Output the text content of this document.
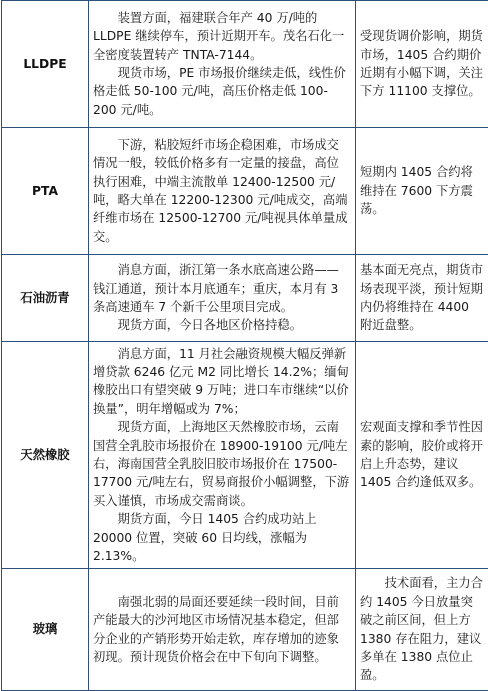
LLDPE	装置方面，福建联合年产 40 万/吨的 LLDPE 继续停车，预计近期开车。茂名石化一全密度装置转产 TNTA-7144。

现货市场，PE 市场报价继续走低，线性价格走低 50-100 元/吨，高压价格走低 100-200 元/吨。	受现货调价影响，期货市场，1405 合约期价近期有小幅下调，关注下方 11100 支撑位。
PTA	下游，粘胶短纤市场企稳困难，市场成交情况一般，较低价格多有一定量的接盘，高位执行困难，中端主流散单 12400-12500 元/吨，略大单在 12200-12300 元/吨成交，高端纤维市场在 12500-12700 元/吨视具体单量成交。	短期内 1405 合约将维持在 7600 下方震荡。
石油沥青	消息方面，浙江第一条水底高速公路——钱江通道，预计本月底通车；重庆，本月有 3 条高速通车 7 个新千公里项目完成。

现货方面，今日各地区价格持稳。	基本面无亮点，期货市场表现平淡，预计短期内仍将维持在 4400 附近盘整。
天然橡胶	消息方面，11 月社会融资规模大幅反弹新增贷款 6246 亿元 M2 同比增长 14.2%；缅甸橡胶出口有望突破 9 万吨；进口车市继续“以价换量”，明年增幅或为 7%；

现货方面，上海地区天然橡胶市场，云南国营全乳胶市场报价在 18900-19100 元/吨左右，海南国营全乳胶旧胶市场报价在 17500-17700 元/吨左右，贸易商报价小幅调整，下游买入谨慎，市场成交需商谈。

期货方面，今日 1405 合约成功站上 20000 位置，突破 60 日均线，涨幅为 2.13%。	宏观面支撑和季节性因素的影响，胶价或将开启上升态势，建议 1405 合约逢低双多。
玻璃	南强北弱的局面还要延续一段时间，目前产能最大的沙河地区市场情况基本稳定，但部分企业的产销形势开始走软，库存增加的迹象初现。预计现货价格会在中下旬向下调整。	技术面看，主力合约 1405 今日放量突破之前区间，但上方 1380 存在阻力，建议多单在 1380 点位止盈。
